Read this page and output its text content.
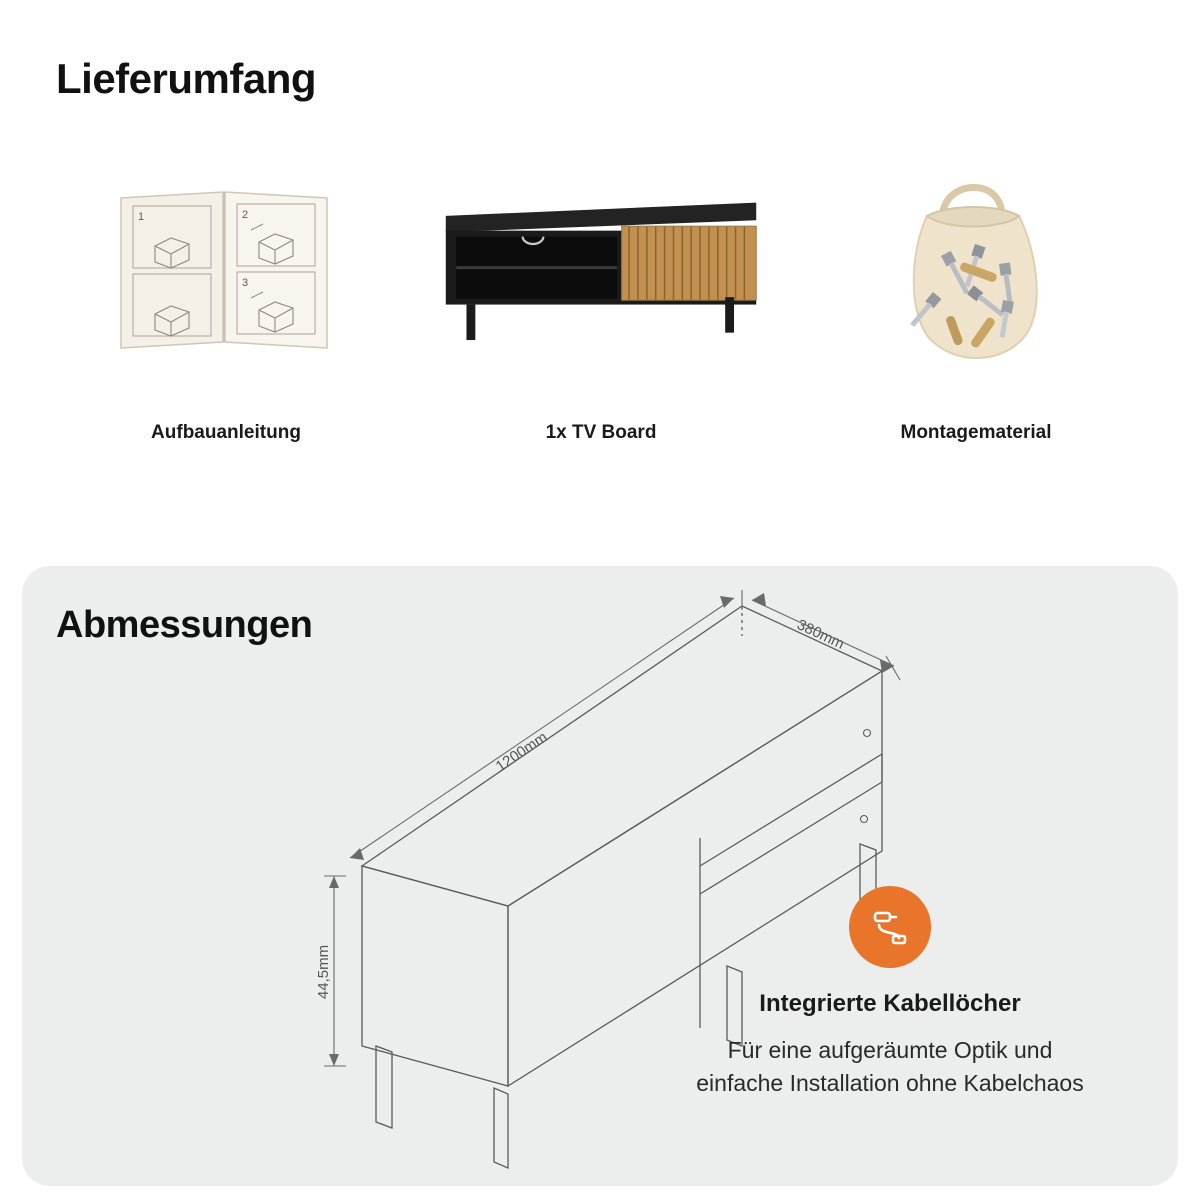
Lieferumfang
1	2
3
Aufbauanleitung	1x TV Board	Montagematerial
Abmessungen
1200mm
380mm
44,5mm
Integrierte Kabellöcher
Für eine aufgeräumte Optik und
einfache Installation ohne Kabelchaos
